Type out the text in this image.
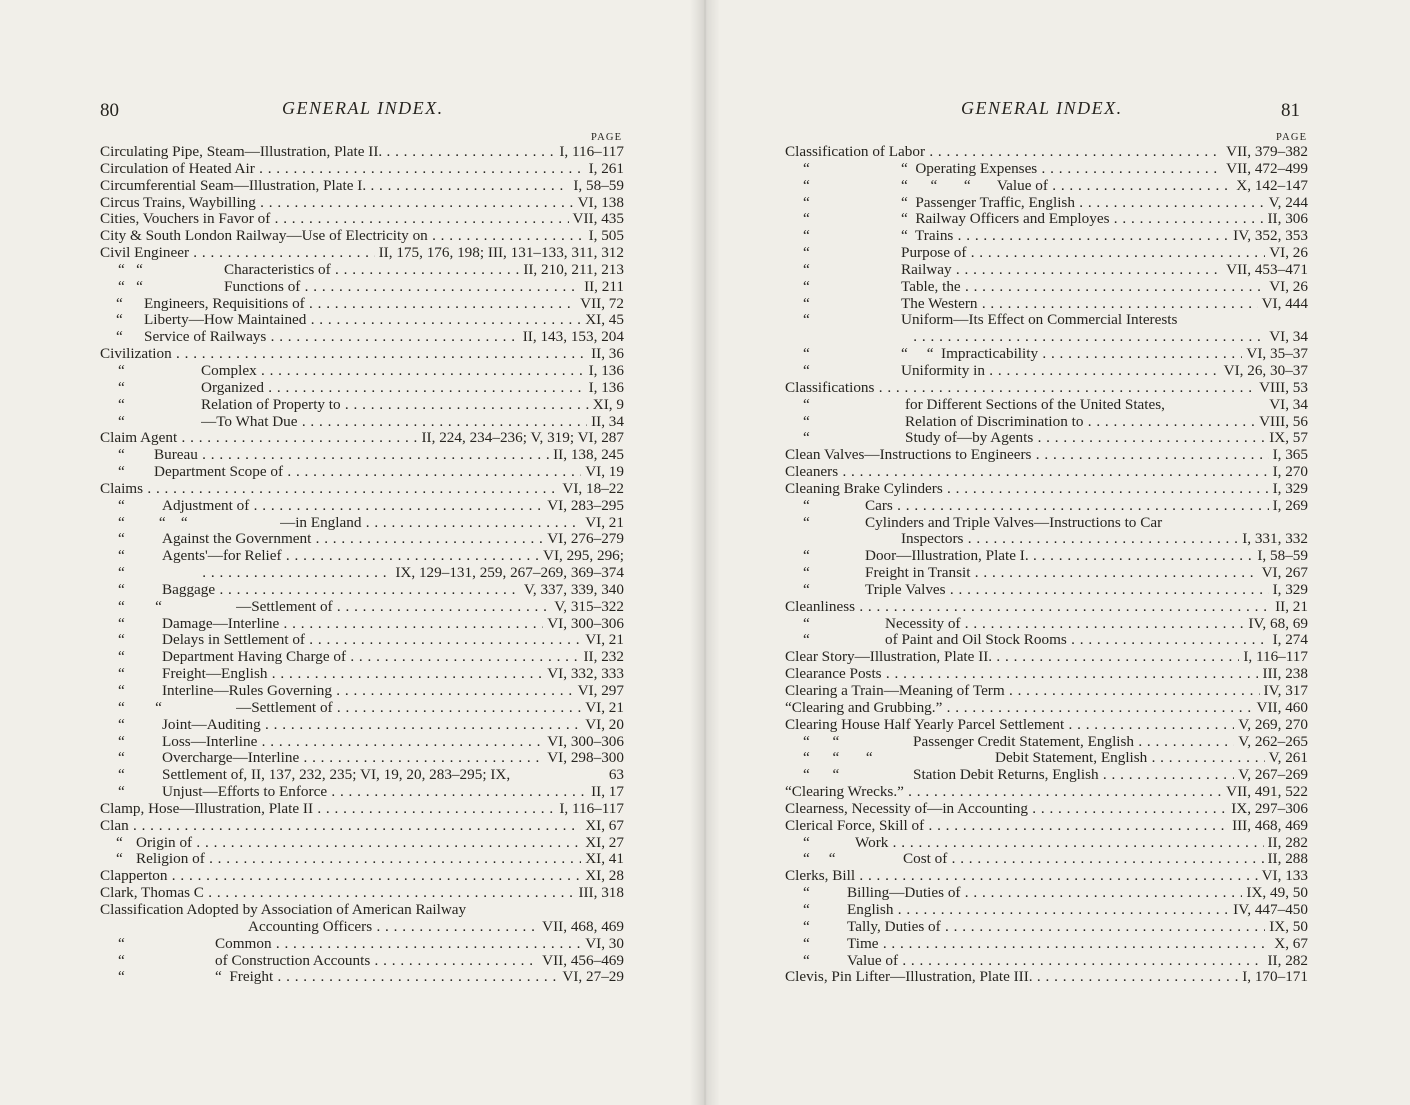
80	GENERAL INDEX.
PAGE
Circulating Pipe, Steam—Illustration, Plate II. . . .	I, 116–117
Circulation of Heated Air . . .	I, 261
Circumferential Seam—Illustration, Plate I. . . .	I, 58–59
Circus Trains, Waybilling . . .	VI, 138
Cities, Vouchers in Favor of . . .	VII, 435
City & South London Railway—Use of Electricity on . . .	I, 505
Civil Engineer . . .	II, 175, 176, 198; III, 131–133, 311, 312
“   “	Characteristics of . . .	II, 210, 211, 213
“   “	Functions of . . .	II, 211
“ Engineers, Requisitions of . . .	VII, 72
“ Liberty—How Maintained . . .	XI, 45
“ Service of Railways . . .	II, 143, 153, 204
Civilization . . .	II, 36
“	Complex . . .	I, 136
“	Organized . . .	I, 136
“	Relation of Property to . . .	XI, 9
“	—To What Due . . .	II, 34
Claim Agent . . .	II, 224, 234–236; V, 319; VI, 287
“ Bureau . . .	II, 138, 245
“ Department Scope of . . .	VI, 19
Claims . . .	VI, 18–22
“ Adjustment of . . .	VI, 283–295
“         “    “	—in England . . .	VI, 21
“ Against the Government . . .	VI, 276–279
“ Agents'—for Relief . . .	VI, 295, 296;
“
. . .	IX, 129–131, 259, 267–269, 369–374
“ Baggage . . .	V, 337, 339, 340
“        “	—Settlement of . . .	V, 315–322
“ Damage—Interline . . .	VI, 300–306
“ Delays in Settlement of . . .	VI, 21
“ Department Having Charge of . . .	II, 232
“ Freight—English . . .	VI, 332, 333
“ Interline—Rules Governing . . .	VI, 297
“        “	—Settlement of . . .	VI, 21
“ Joint—Auditing . . .	VI, 20
“ Loss—Interline . . .	VI, 300–306
“ Overcharge—Interline . . .	VI, 298–300
“ Settlement of, II, 137, 232, 235; VI, 19, 20, 283–295; IX,	63
“ Unjust—Efforts to Enforce . . .	II, 17
Clamp, Hose—Illustration, Plate II . . .	I, 116–117
Clan . . .	XI, 67
“ Origin of . . .	XI, 27
“ Religion of . . .	XI, 41
Clapperton . . .	XI, 28
Clark, Thomas C . . .	III, 318
Classification Adopted by Association of American Railway
Accounting Officers . . .	VII, 468, 469
“	Common . . .	VI, 30
“	of Construction Accounts . . .	VII, 456–469
“	“  Freight . . .	VI, 27–29
GENERAL INDEX.	81
PAGE
Classification of Labor . . .	VII, 379–382
“	“  Operating Expenses . . .	VII, 472–499
“	“      “       “       Value of . . .	X, 142–147
“	“  Passenger Traffic, English . . .	V, 244
“	“  Railway Officers and Employes . . .	II, 306
“	“  Trains . . .	IV, 352, 353
“	Purpose of . . .	VI, 26
“	Railway . . .	VII, 453–471
“	Table, the . . .	VI, 26
“	The Western . . .	VI, 444
“	Uniform—Its Effect on Commercial Interests
. . .
VI, 34
“	“     “  Impracticability . . .	VI, 35–37
“	Uniformity in . . .	VI, 26, 30–37
Classifications . . .	VIII, 53
“	for Different Sections of the United States,	VI, 34
“	Relation of Discrimination to . . .	VIII, 56
“	Study of—by Agents . . .	IX, 57
Clean Valves—Instructions to Engineers . . .	I, 365
Cleaners . . .	I, 270
Cleaning Brake Cylinders . . .	I, 329
“	Cars . . .	I, 269
“	Cylinders and Triple Valves—Instructions to Car
Inspectors . . .	I, 331, 332
“	Door—Illustration, Plate I. . . .	I, 58–59
“	Freight in Transit . . .	VI, 267
“	Triple Valves . . .	I, 329
Cleanliness . . .	II, 21
“	Necessity of . . .	IV, 68, 69
“	of Paint and Oil Stock Rooms . . .	I, 274
Clear Story—Illustration, Plate II. . . .	I, 116–117
Clearance Posts . . .	III, 238
Clearing a Train—Meaning of Term . . .	IV, 317
“Clearing and Grubbing.” . . .	VII, 460
Clearing House Half Yearly Parcel Settlement . . .	V, 269, 270
“      “	Passenger Credit Statement, English . . .	V, 262–265
“      “       “	Debit Statement, English . . .	V, 261
“      “	Station Debit Returns, English . . .	V, 267–269
“Clearing Wrecks.” . . .	VII, 491, 522
Clearness, Necessity of—in Accounting . . .	IX, 297–306
Clerical Force, Skill of . . .	III, 468, 469
“	Work . . .	II, 282
“     “	Cost of . . .	II, 288
Clerks, Bill . . .	VI, 133
“ Billing—Duties of . . .	IX, 49, 50
“ English . . .	IV, 447–450
“ Tally, Duties of . . .	IX, 50
“ Time . . .	X, 67
“ Value of . . .	II, 282
Clevis, Pin Lifter—Illustration, Plate III. . . .	I, 170–171
